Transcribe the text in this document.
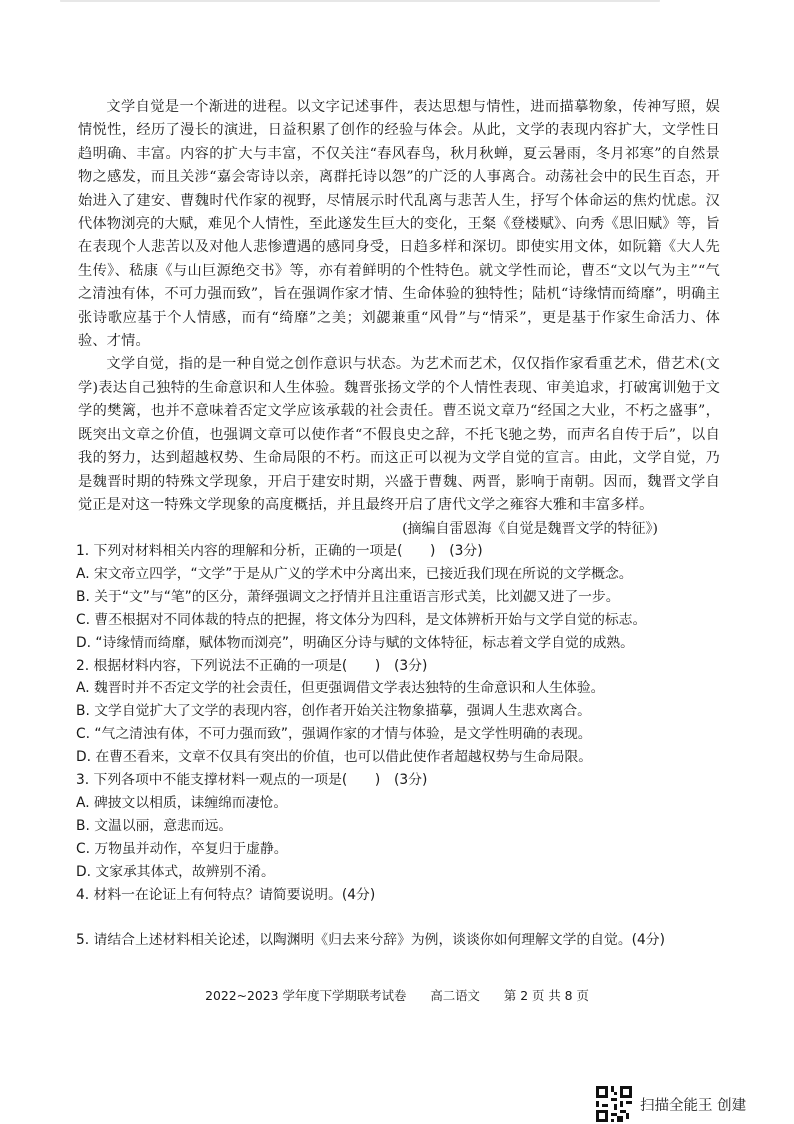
文学自觉是一个渐进的进程。以文字记述事件，表达思想与情性，进而描摹物象，传神写照，娱情悦性，经历了漫长的演进，日益积累了创作的经验与体会。从此，文学的表现内容扩大，文学性日趋明确、丰富。内容的扩大与丰富，不仅关注“春风春鸟，秋月秋蝉，夏云暑雨，冬月祁寒”的自然景物之感发，而且关涉“嘉会寄诗以亲，离群托诗以怨”的广泛的人事离合。动荡社会中的民生百态，开始进入了建安、曹魏时代作家的视野，尽情展示时代乱离与悲苦人生，抒写个体命运的焦灼忧虑。汉代体物浏亮的大赋，难见个人情性，至此遂发生巨大的变化，王粲《登楼赋》、向秀《思旧赋》等，旨在表现个人悲苦以及对他人悲惨遭遇的感同身受，日趋多样和深切。即使实用文体，如阮籍《大人先生传》、嵇康《与山巨源绝交书》等，亦有着鲜明的个性特色。就文学性而论，曹丕“文以气为主”“气之清浊有体，不可力强而致”，旨在强调作家才情、生命体验的独特性；陆机“诗缘情而绮靡”，明确主张诗歌应基于个人情感，而有“绮靡”之美；刘勰兼重“风骨”与“情采”，更是基于作家生命活力、体验、才情。

文学自觉，指的是一种自觉之创作意识与状态。为艺术而艺术，仅仅指作家看重艺术，借艺术(文学)表达自己独特的生命意识和人生体验。魏晋张扬文学的个人情性表现、审美追求，打破寓训勉于文学的樊篱，也并不意味着否定文学应该承载的社会责任。曹丕说文章乃“经国之大业，不朽之盛事”，既突出文章之价值，也强调文章可以使作者“不假良史之辞，不托飞驰之势，而声名自传于后”，以自我的努力，达到超越权势、生命局限的不朽。而这正可以视为文学自觉的宣言。由此，文学自觉，乃是魏晋时期的特殊文学现象，开启于建安时期，兴盛于曹魏、两晋，影响于南朝。因而，魏晋文学自觉正是对这一特殊文学现象的高度概括，并且最终开启了唐代文学之雍容大雅和丰富多样。

(摘编自雷恩海《自觉是魏晋文学的特征》)

1. 下列对材料相关内容的理解和分析，正确的一项是(　　)　(3分)

A. 宋文帝立四学，“文学”于是从广义的学术中分离出来，已接近我们现在所说的文学概念。

B. 关于“文”与“笔”的区分，萧绎强调文之抒情并且注重语言形式美，比刘勰又进了一步。

C. 曹丕根据对不同体裁的特点的把握，将文体分为四科，是文体辨析开始与文学自觉的标志。

D. “诗缘情而绮靡，赋体物而浏亮”，明确区分诗与赋的文体特征，标志着文学自觉的成熟。

2. 根据材料内容，下列说法不正确的一项是(　　)　(3分)

A. 魏晋时并不否定文学的社会责任，但更强调借文学表达独特的生命意识和人生体验。

B. 文学自觉扩大了文学的表现内容，创作者开始关注物象描摹，强调人生悲欢离合。

C. “气之清浊有体，不可力强而致”，强调作家的才情与体验，是文学性明确的表现。

D. 在曹丕看来，文章不仅具有突出的价值，也可以借此使作者超越权势与生命局限。

3. 下列各项中不能支撑材料一观点的一项是(　　)　(3分)

A. 碑披文以相质，诔缠绵而凄怆。

B. 文温以丽，意悲而远。

C. 万物虽并动作，卒复归于虚静。

D. 文家承其体式，故辨别不淆。

4. 材料一在论证上有何特点？请简要说明。(4分)

5. 请结合上述材料相关论述，以陶渊明《归去来兮辞》为例，谈谈你如何理解文学的自觉。(4分)
2022~2023 学年度下学期联考试卷 高二语文 第 2 页 共 8 页
扫描全能王 创建
